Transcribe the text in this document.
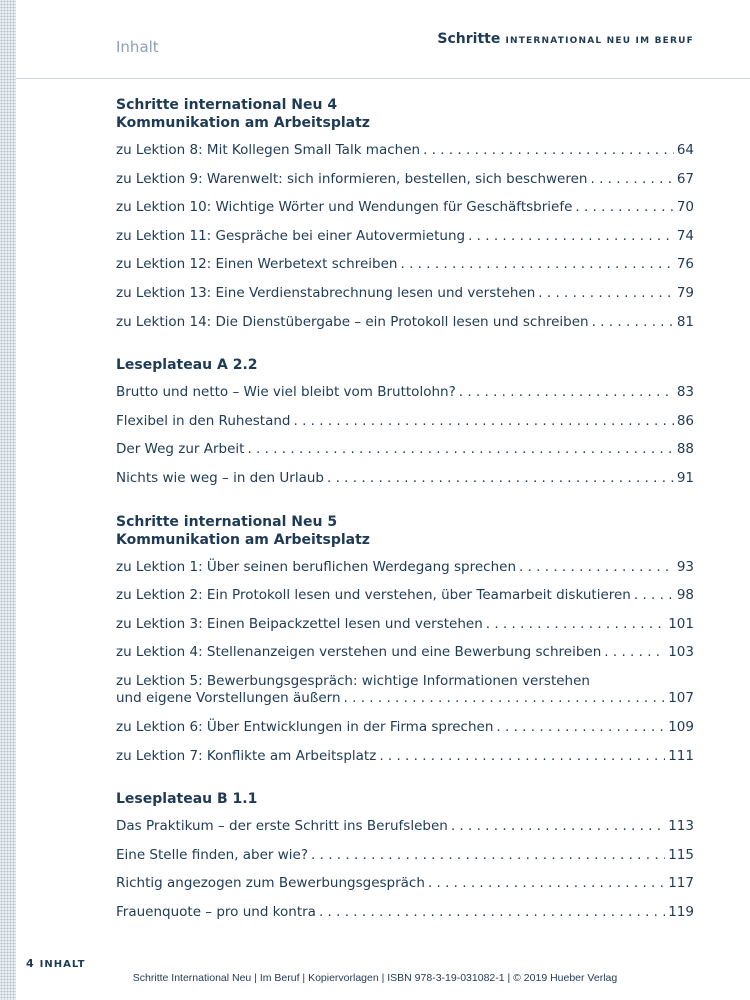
Inhalt	Schritte INTERNATIONAL NEU IM BERUF
Schritte international Neu 4
Kommunikation am Arbeitsplatz
zu Lektion 8: Mit Kollegen Small Talk machen . . .	64
zu Lektion 9: Warenwelt: sich informieren, bestellen, sich beschweren . . .	67
zu Lektion 10: Wichtige Wörter und Wendungen für Geschäftsbriefe . . .	70
zu Lektion 11: Gespräche bei einer Autovermietung . . .	74
zu Lektion 12: Einen Werbetext schreiben . . .	76
zu Lektion 13: Eine Verdienstabrechnung lesen und verstehen . . .	79
zu Lektion 14: Die Dienstübergabe – ein Protokoll lesen und schreiben . . .	81
Leseplateau A 2.2
Brutto und netto – Wie viel bleibt vom Bruttolohn? . . .	83
Flexibel in den Ruhestand . . .	86
Der Weg zur Arbeit . . .	88
Nichts wie weg – in den Urlaub . . .	91
Schritte international Neu 5
Kommunikation am Arbeitsplatz
zu Lektion 1: Über seinen beruflichen Werdegang sprechen . . .	93
zu Lektion 2: Ein Protokoll lesen und verstehen, über Teamarbeit diskutieren . . .	98
zu Lektion 3: Einen Beipackzettel lesen und verstehen . . .	101
zu Lektion 4: Stellenanzeigen verstehen und eine Bewerbung schreiben . . .	103
zu Lektion 5: Bewerbungsgespräch: wichtige Informationen verstehen
und eigene Vorstellungen äußern . . .	107
zu Lektion 6: Über Entwicklungen in der Firma sprechen . . .	109
zu Lektion 7: Konflikte am Arbeitsplatz . . .	111
Leseplateau B 1.1
Das Praktikum – der erste Schritt ins Berufsleben . . .	113
Eine Stelle finden, aber wie? . . .	115
Richtig angezogen zum Bewerbungsgespräch . . .	117
Frauenquote – pro und kontra . . .	119
4 INHALT
Schritte International Neu | Im Beruf | Kopiervorlagen | ISBN 978-3-19-031082-1 | © 2019 Hueber Verlag
